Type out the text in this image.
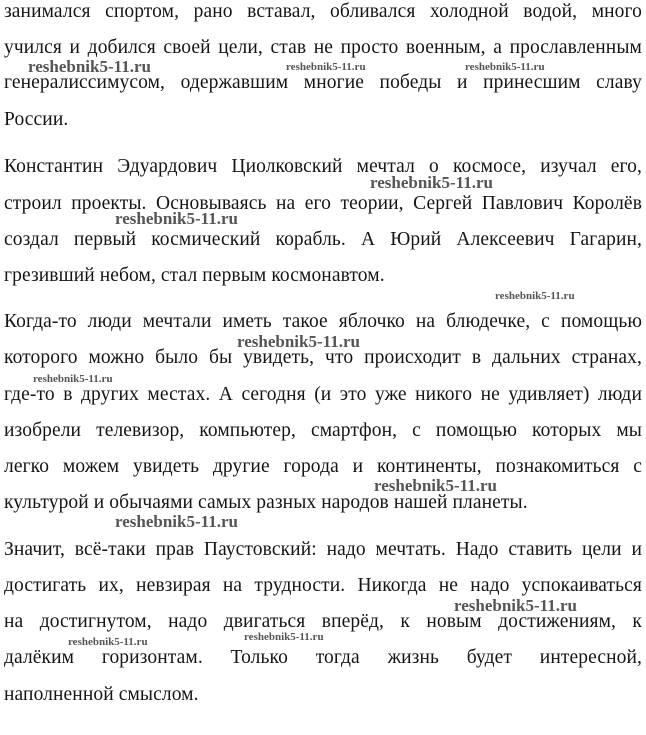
занимался спортом, рано вставал, обливался холодной водой, много
учился и добился своей цели, став не просто военным, а прославленным
генералиссимусом, одержавшим многие победы и принесшим славу
России.
Константин Эдуардович Циолковский мечтал о космосе, изучал его,
строил проекты. Основываясь на его теории, Сергей Павлович Королёв
создал первый космический корабль. А Юрий Алексеевич Гагарин,
грезивший небом, стал первым космонавтом.
Когда-то люди мечтали иметь такое яблочко на блюдечке, с помощью
которого можно было бы увидеть, что происходит в дальних странах,
где-то в других местах. А сегодня (и это уже никого не удивляет) люди
изобрели телевизор, компьютер, смартфон, с помощью которых мы
легко можем увидеть другие города и континенты, познакомиться с
культурой и обычаями самых разных народов нашей планеты.
Значит, всё-таки прав Паустовский: надо мечтать. Надо ставить цели и
достигать их, невзирая на трудности. Никогда не надо успокаиваться
на достигнутом, надо двигаться вперёд, к новым достижениям, к
далёким горизонтам. Только тогда жизнь будет интересной,
наполненной смыслом.
reshebnik5-11.ru	reshebnik5-11.ru	reshebnik5-11.ru
reshebnik5-11.ru
reshebnik5-11.ru
reshebnik5-11.ru
reshebnik5-11.ru
reshebnik5-11.ru
reshebnik5-11.ru
reshebnik5-11.ru
reshebnik5-11.ru
reshebnik5-11.ru	reshebnik5-11.ru
